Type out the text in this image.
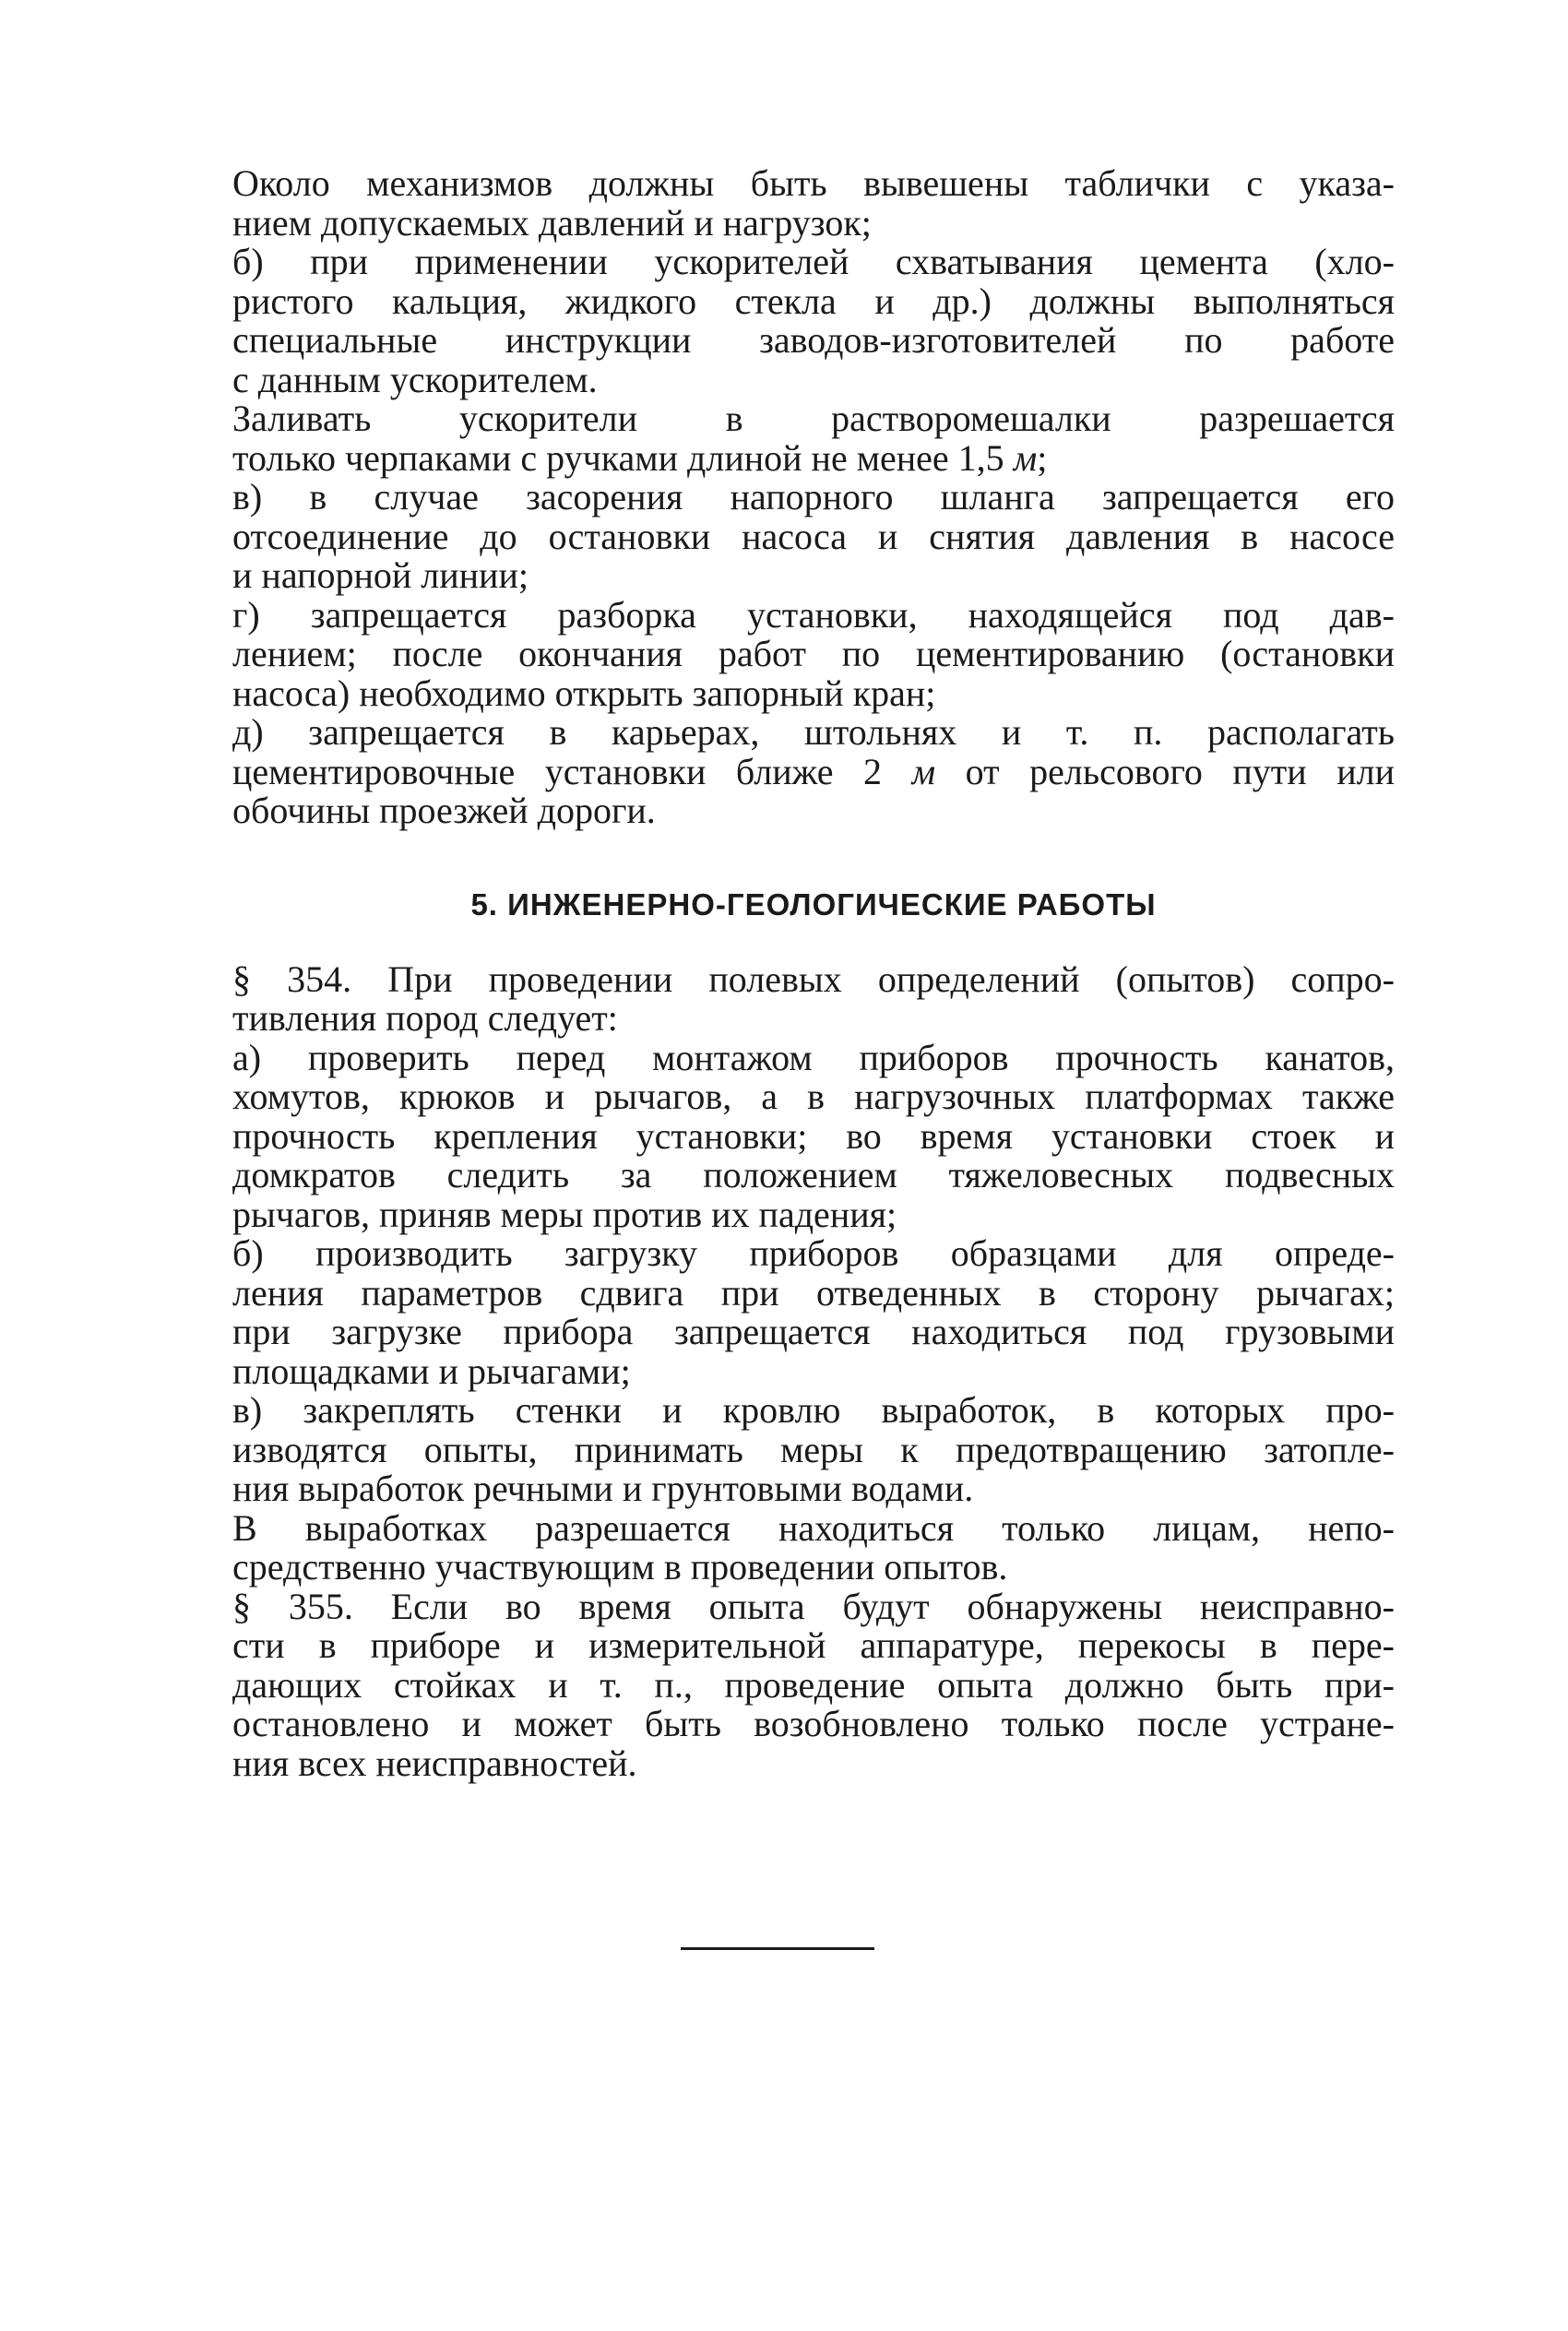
Около механизмов должны быть вывешены таблички с указа-
нием допускаемых давлений и нагрузок;
б) при применении ускорителей схватывания цемента (хло-
ристого кальция, жидкого стекла и др.) должны выполняться
специальные инструкции заводов-изготовителей по работе
с данным ускорителем.
Заливать ускорители в растворомешалки разрешается
только черпаками с ручками длиной не менее 1,5 м;
в) в случае засорения напорного шланга запрещается его
отсоединение до остановки насоса и снятия давления в насосе
и напорной линии;
г) запрещается разборка установки, находящейся под дав-
лением; после окончания работ по цементированию (остановки
насоса) необходимо открыть запорный кран;
д) запрещается в карьерах, штольнях и т. п. располагать
цементировочные установки ближе 2 м от рельсового пути или
обочины проезжей дороги.
5. ИНЖЕНЕРНО-ГЕОЛОГИЧЕСКИЕ РАБОТЫ
§ 354. При проведении полевых определений (опытов) сопро-
тивления пород следует:
а) проверить перед монтажом приборов прочность канатов,
хомутов, крюков и рычагов, а в нагрузочных платформах также
прочность крепления установки; во время установки стоек и
домкратов следить за положением тяжеловесных подвесных
рычагов, приняв меры против их падения;
б) производить загрузку приборов образцами для опреде-
ления параметров сдвига при отведенных в сторону рычагах;
при загрузке прибора запрещается находиться под грузовыми
площадками и рычагами;
в) закреплять стенки и кровлю выработок, в которых про-
изводятся опыты, принимать меры к предотвращению затопле-
ния выработок речными и грунтовыми водами.
В выработках разрешается находиться только лицам, непо-
средственно участвующим в проведении опытов.
§ 355. Если во время опыта будут обнаружены неисправно-
сти в приборе и измерительной аппаратуре, перекосы в пере-
дающих стойках и т. п., проведение опыта должно быть при-
остановлено и может быть возобновлено только после устране-
ния всех неисправностей.
